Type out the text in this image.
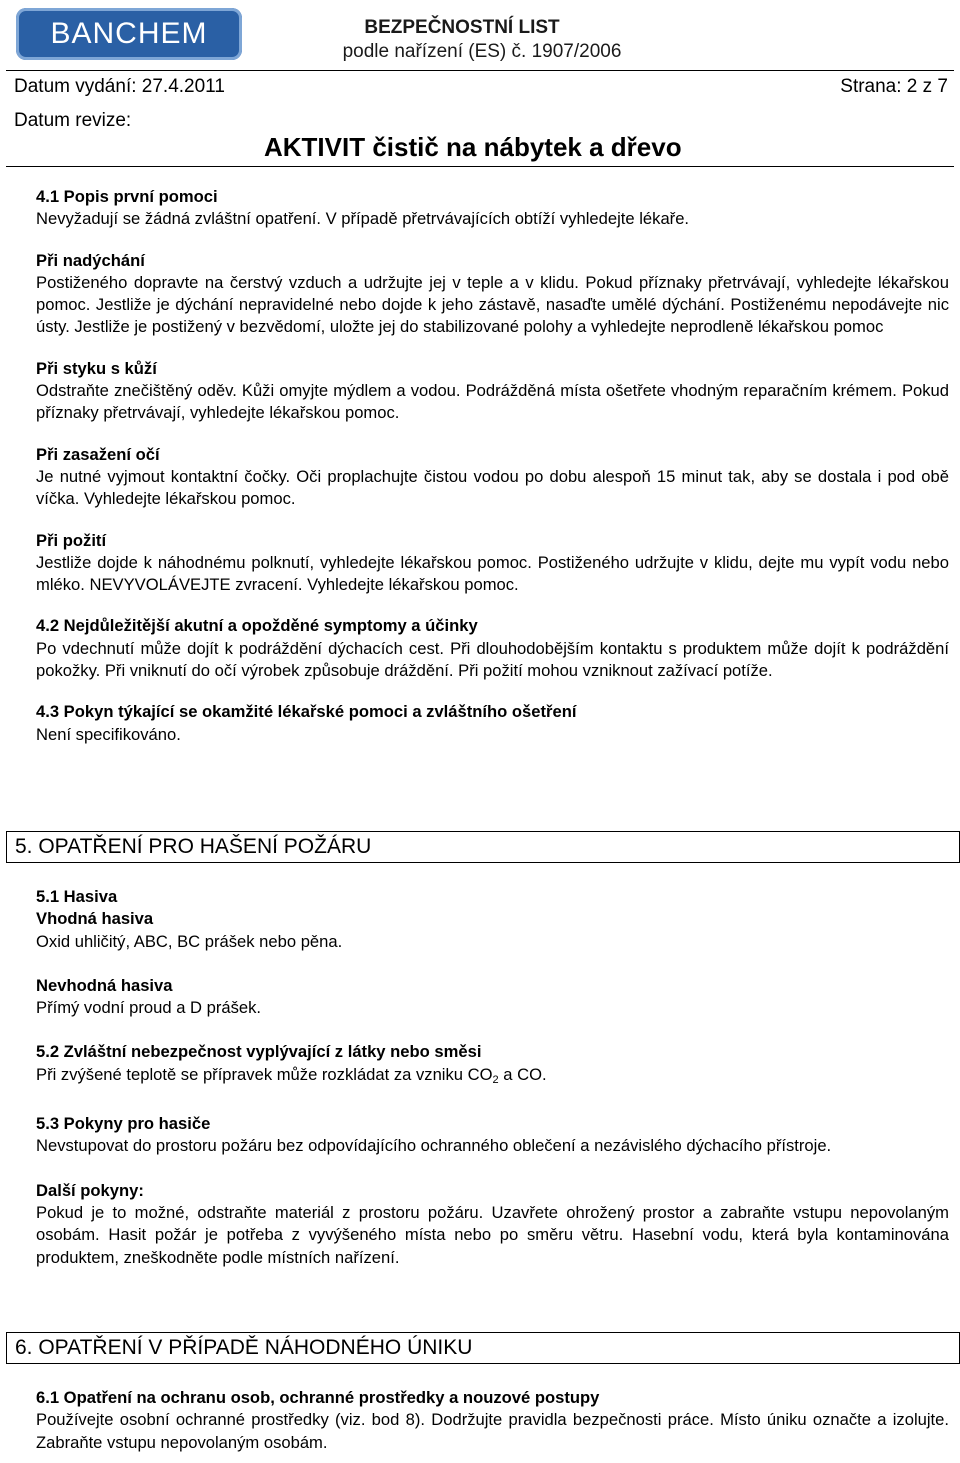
BANCHEM	BEZPEČNOSTNÍ LIST
podle nařízení (ES) č. 1907/2006
Datum vydání: 27.4.2011	Strana: 2 z 7
Datum revize:
AKTIVIT čistič na nábytek a dřevo

4.1 Popis první pomoci

Nevyžadují se žádná zvláštní opatření. V případě přetrvávajících obtíží vyhledejte lékaře.

Při nadýchání

Postiženého dopravte na čerstvý vzduch a udržujte jej v teple a v klidu. Pokud příznaky přetrvávají, vyhledejte lékařskou pomoc. Jestliže je dýchání nepravidelné nebo dojde k jeho zástavě, nasaďte umělé dýchání. Postiženému nepodávejte nic ústy. Jestliže je postižený v bezvědomí, uložte jej do stabilizované polohy a vyhledejte neprodleně lékařskou pomoc

Při styku s kůží

Odstraňte znečištěný oděv. Kůži omyjte mýdlem a vodou. Podrážděná místa ošetřete vhodným reparačním krémem. Pokud příznaky přetrvávají, vyhledejte lékařskou pomoc.

Při zasažení očí

Je nutné vyjmout kontaktní čočky. Oči proplachujte čistou vodou po dobu alespoň 15 minut tak, aby se dostala i pod obě víčka. Vyhledejte lékařskou pomoc.

Při požití

Jestliže dojde k náhodnému polknutí, vyhledejte lékařskou pomoc. Postiženého udržujte v klidu, dejte mu vypít vodu nebo mléko. NEVYVOLÁVEJTE zvracení. Vyhledejte lékařskou pomoc.

4.2 Nejdůležitější akutní a opožděné symptomy a účinky

Po vdechnutí může dojít k podráždění dýchacích cest. Při dlouhodobějším kontaktu s produktem může dojít k podráždění pokožky. Při vniknutí do očí výrobek způsobuje dráždění. Při požití mohou vzniknout zažívací potíže.

4.3 Pokyn týkající se okamžité lékařské pomoci a zvláštního ošetření

Není specifikováno.

5. OPATŘENÍ PRO HAŠENÍ POŽÁRU

5.1 Hasiva

Vhodná hasiva

Oxid uhličitý, ABC, BC prášek nebo pěna.

Nevhodná hasiva

Přímý vodní proud a D prášek.

5.2 Zvláštní nebezpečnost vyplývající z látky nebo směsi

Při zvýšené teplotě se přípravek může rozkládat za vzniku $CO_2$ a CO.

5.3 Pokyny pro hasiče

Nevstupovat do prostoru požáru bez odpovídajícího ochranného oblečení a nezávislého dýchacího přístroje.

Další pokyny:

Pokud je to možné, odstraňte materiál z prostoru požáru. Uzavřete ohrožený prostor a zabraňte vstupu nepovolaným osobám. Hasit požár je potřeba z vyvýšeného místa nebo po směru větru. Hasební vodu, která byla kontaminována produktem, zneškodněte podle místních nařízení.

6. OPATŘENÍ V PŘÍPADĚ NÁHODNÉHO ÚNIKU

6.1 Opatření na ochranu osob, ochranné prostředky a nouzové postupy

Používejte osobní ochranné prostředky (viz. bod 8). Dodržujte pravidla bezpečnosti práce. Místo úniku označte a izolujte. Zabraňte vstupu nepovolaným osobám.
